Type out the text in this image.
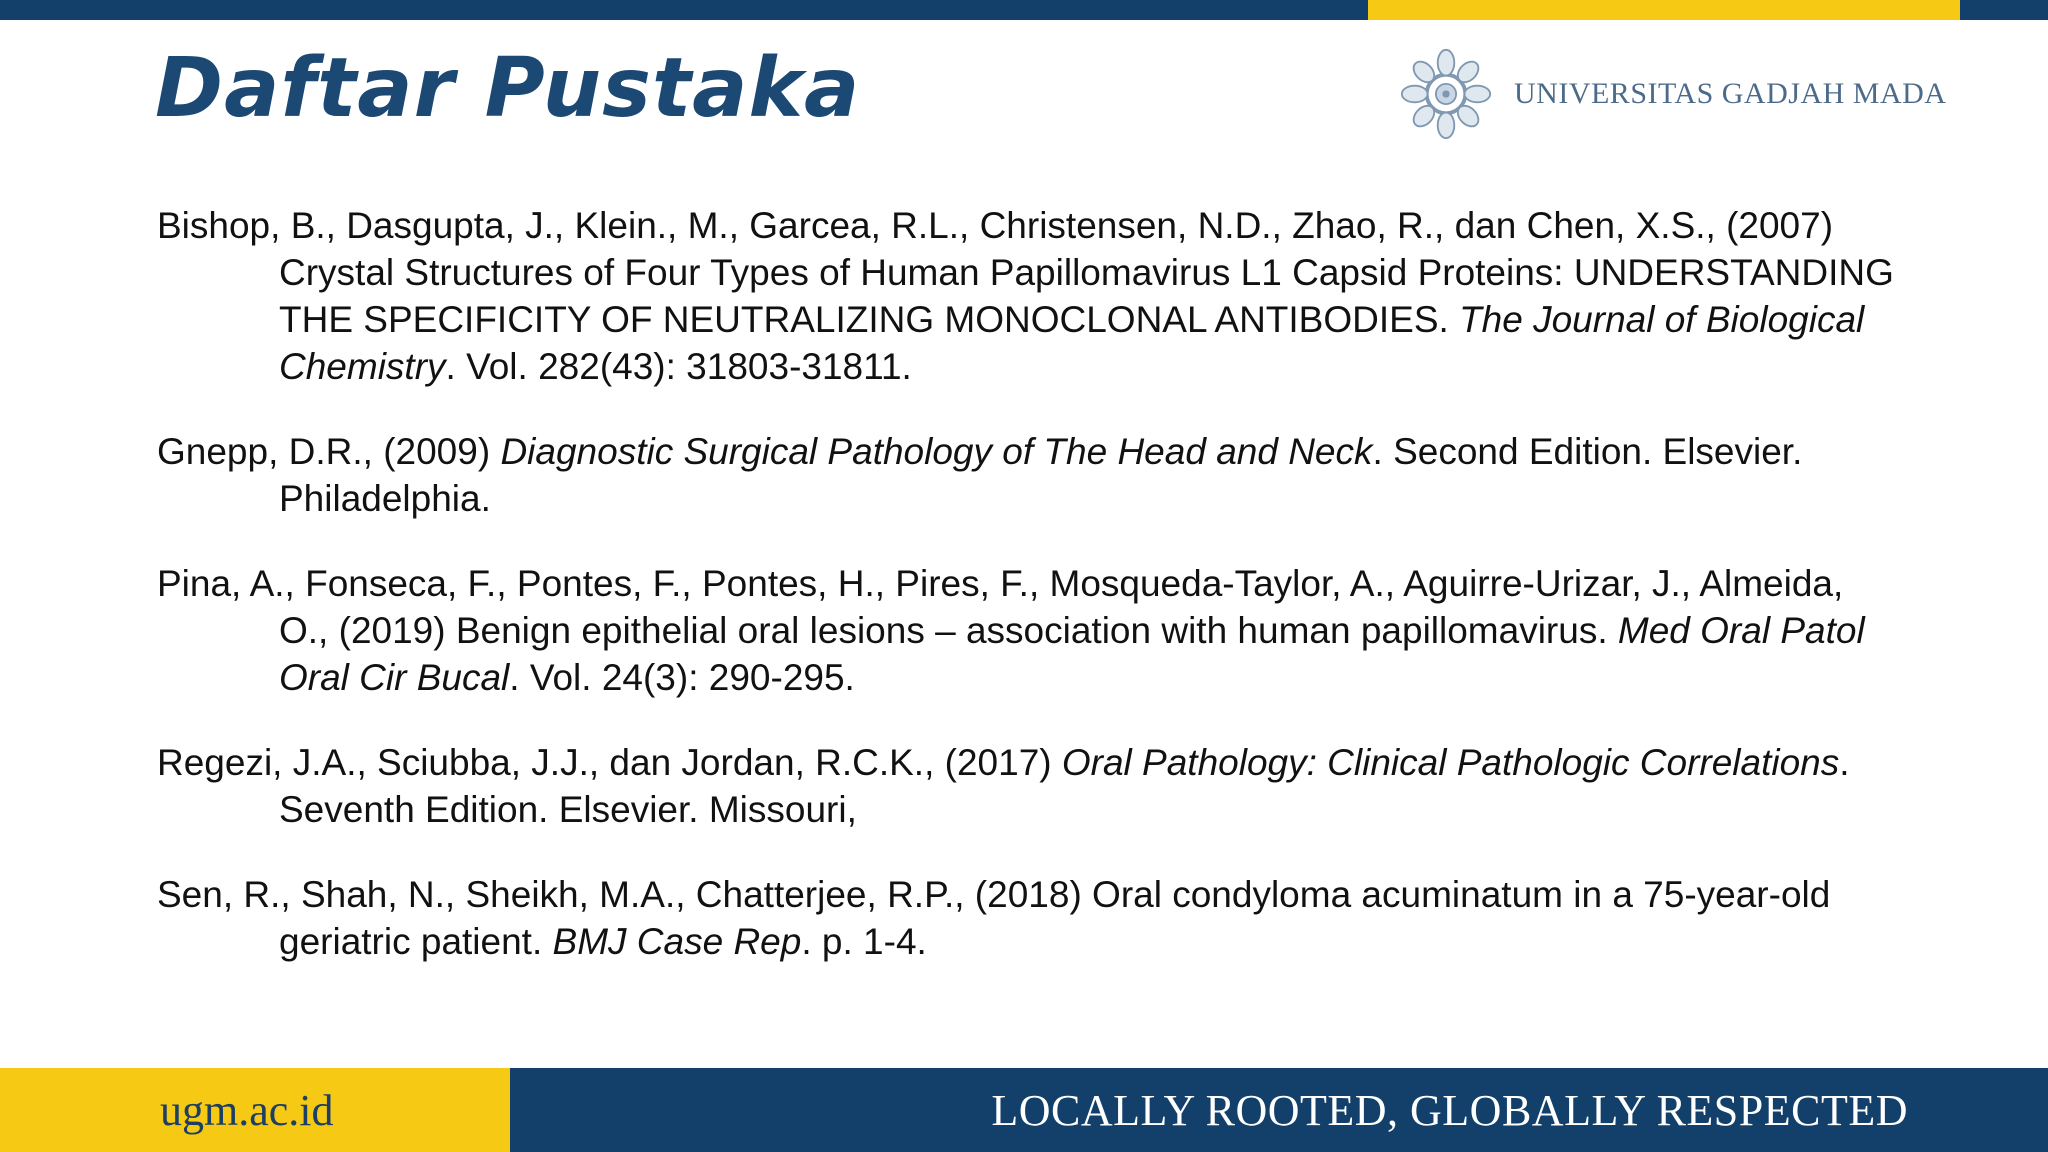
Daftar Pustaka	UNIVERSITAS GADJAH MADA

Bishop, B., Dasgupta, J., Klein., M., Garcea, R.L., Christensen, N.D., Zhao, R., dan Chen, X.S., (2007) Crystal Structures of Four Types of Human Papillomavirus L1 Capsid Proteins: UNDERSTANDING THE SPECIFICITY OF NEUTRALIZING MONOCLONAL ANTIBODIES. The Journal of Biological Chemistry. Vol. 282(43): 31803-31811.

Gnepp, D.R., (2009) Diagnostic Surgical Pathology of The Head and Neck. Second Edition. Elsevier. Philadelphia.

Pina, A., Fonseca, F., Pontes, F., Pontes, H., Pires, F., Mosqueda-Taylor, A., Aguirre-Urizar, J., Almeida, O., (2019) Benign epithelial oral lesions – association with human papillomavirus. Med Oral Patol Oral Cir Bucal. Vol. 24(3): 290-295.

Regezi, J.A., Sciubba, J.J., dan Jordan, R.C.K., (2017) Oral Pathology: Clinical Pathologic Correlations. Seventh Edition. Elsevier. Missouri,

Sen, R., Shah, N., Sheikh, M.A., Chatterjee, R.P., (2018) Oral condyloma acuminatum in a 75-year-old geriatric patient. BMJ Case Rep. p. 1-4.

ugm.ac.id	LOCALLY ROOTED, GLOBALLY RESPECTED
